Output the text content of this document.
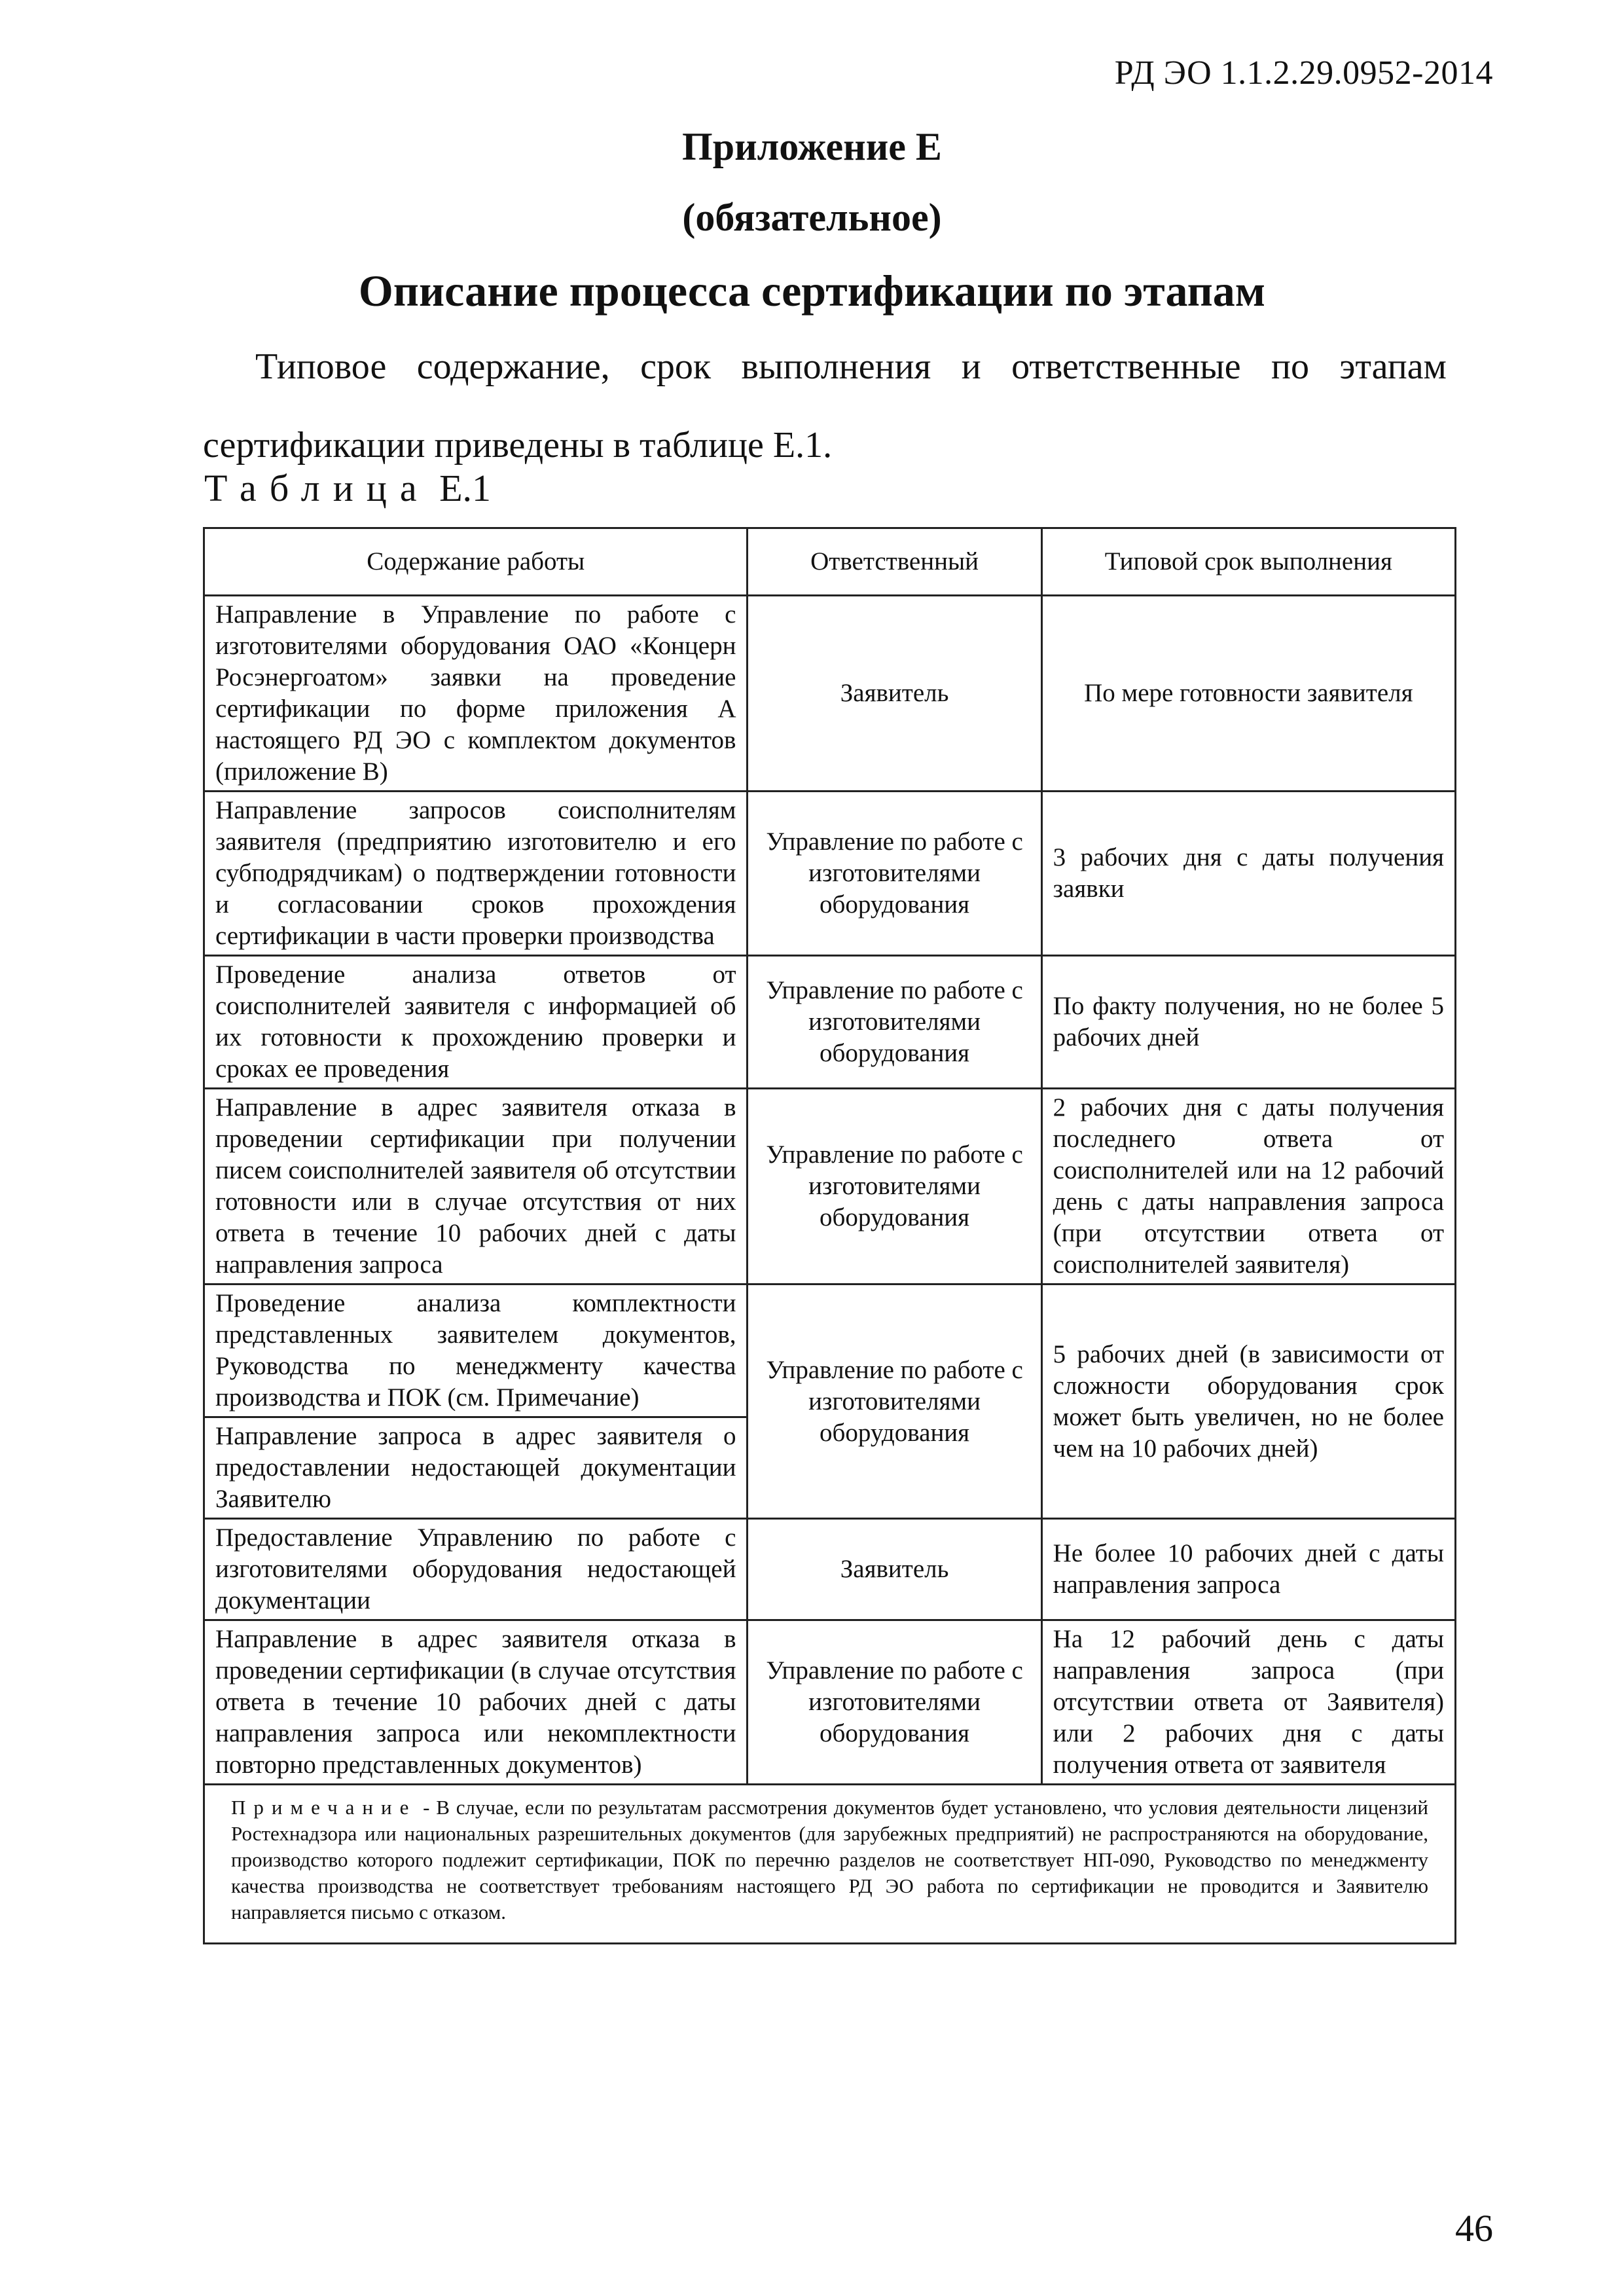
РД ЭО 1.1.2.29.0952-2014
Приложение Е
(обязательное)
Описание процесса сертификации по этапам
Типовое содержание, срок выполнения и ответственные по этапам сертификации приведены в таблице Е.1.
Таблица Е.1
Содержание работы	Ответственный	Типовой срок выполнения
Направление в Управление по работе с изготовителями оборудования ОАО «Концерн Росэнергоатом» заявки на проведение сертификации по форме приложения А настоящего РД ЭО с комплектом документов (приложение В)	Заявитель	По мере готовности заявителя
Направление запросов соисполнителям заявителя (предприятию изготовителю и его субподрядчикам) о подтверждении готовности и согласовании сроков прохождения сертификации в части проверки производства	Управление по работе с изготовителями оборудования	3 рабочих дня с даты получения заявки
Проведение анализа ответов от соисполнителей заявителя с информацией об их готовности к прохождению проверки и сроках ее проведения	Управление по работе с изготовителями оборудования	По факту получения, но не более 5 рабочих дней
Направление в адрес заявителя отказа в проведении сертификации при получении писем соисполнителей заявителя об отсутствии готовности или в случае отсутствия от них ответа в течение 10 рабочих дней с даты направления запроса	Управление по работе с изготовителями оборудования	2 рабочих дня с даты получения последнего ответа от соисполнителей или на 12 рабочий день с даты направления запроса (при отсутствии ответа от соисполнителей заявителя)
Проведение анализа комплектности представленных заявителем документов, Руководства по менеджменту качества производства и ПОК (см. Примечание)	Управление по работе с изготовителями оборудования	5 рабочих дней (в зависимости от сложности оборудования срок может быть увеличен, но не более чем на 10 рабочих дней)
Направление запроса в адрес заявителя о предоставлении недостающей документации Заявителю		
Предоставление Управлению по работе с изготовителями оборудования недостающей документации	Заявитель	Не более 10 рабочих дней с даты направления запроса
Направление в адрес заявителя отказа в проведении сертификации (в случае отсутствия ответа в течение 10 рабочих дней с даты направления запроса или некомплектности повторно представленных документов)	Управление по работе с изготовителями оборудования	На 12 рабочий день с даты направления запроса (при отсутствии ответа от Заявителя) или 2 рабочих дня с даты получения ответа от заявителя
Примечание - В случае, если по результатам рассмотрения документов будет установлено, что условия деятельности лицензий Ростехнадзора или национальных разрешительных документов (для зарубежных предприятий) не распространяются на оборудование, производство которого подлежит сертификации, ПОК по перечню разделов не соответствует НП-090, Руководство по менеджменту качества производства не соответствует требованиям настоящего РД ЭО работа по сертификации не проводится и Заявителю направляется письмо с отказом.		
46
